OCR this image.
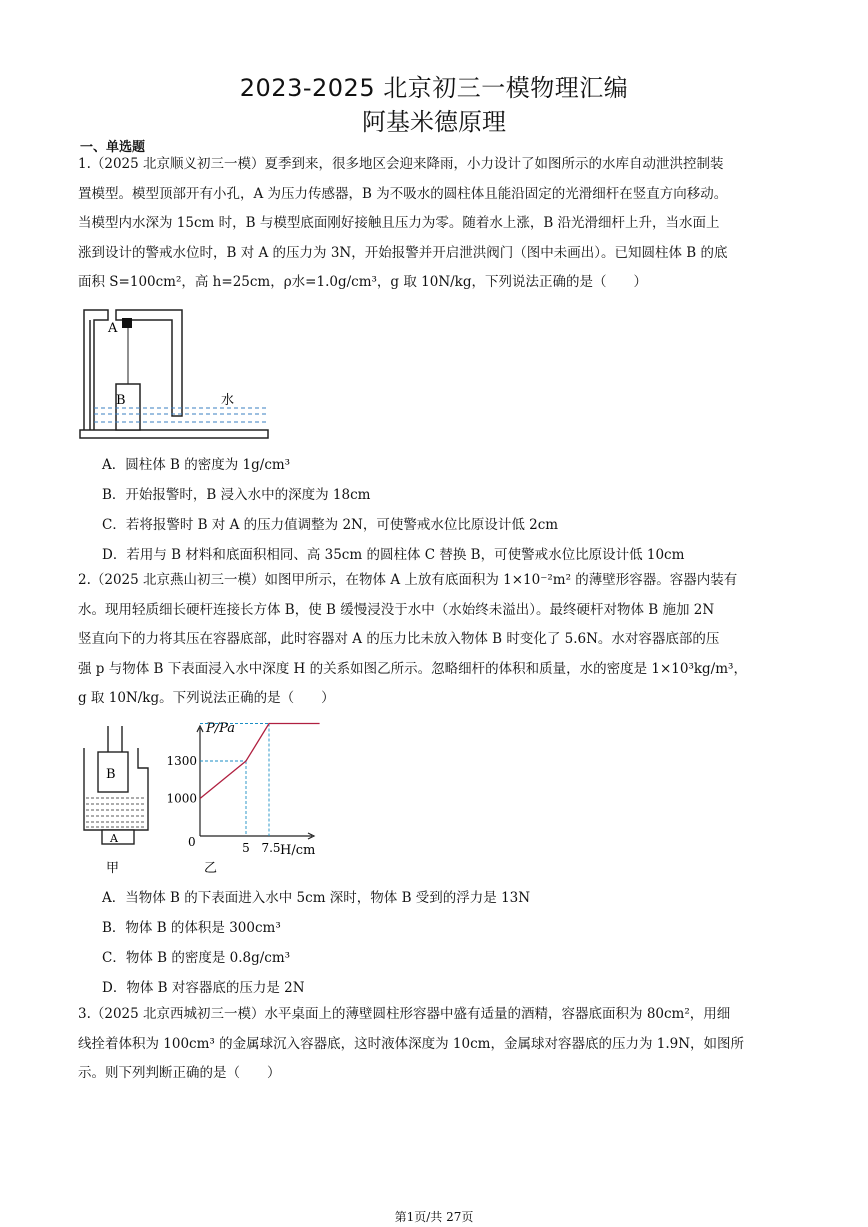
2023-2025 北京初三一模物理汇编
阿基米德原理
一、单选题
1.（2025 北京顺义初三一模）夏季到来，很多地区会迎来降雨，小力设计了如图所示的水库自动泄洪控制装
置模型。模型顶部开有小孔，A 为压力传感器，B 为不吸水的圆柱体且能沿固定的光滑细杆在竖直方向移动。
当模型内水深为 15cm 时，B 与模型底面刚好接触且压力为零。随着水上涨，B 沿光滑细杆上升，当水面上
涨到设计的警戒水位时，B 对 A 的压力为 3N，开始报警并开启泄洪阀门（图中未画出）。已知圆柱体 B 的底
面积 S=100cm²，高 h=25cm，ρ水=1.0g/cm³，g 取 10N/kg，下列说法正确的是（　　）
A
B	水
A．圆柱体 B 的密度为 1g/cm³
B．开始报警时，B 浸入水中的深度为 18cm
C．若将报警时 B 对 A 的压力值调整为 2N，可使警戒水位比原设计低 2cm
D．若用与 B 材料和底面积相同、高 35cm 的圆柱体 C 替换 B，可使警戒水位比原设计低 10cm
2.（2025 北京燕山初三一模）如图甲所示，在物体 A 上放有底面积为 1×10⁻²m² 的薄壁形容器。容器内装有
水。现用轻质细长硬杆连接长方体 B，使 B 缓慢浸没于水中（水始终未溢出）。最终硬杆对物体 B 施加 2N
竖直向下的力将其压在容器底部，此时容器对 A 的压力比未放入物体 B 时变化了 5.6N。水对容器底部的压
强 p 与物体 B 下表面浸入水中深度 H 的关系如图乙所示。忽略细杆的体积和质量，水的密度是 1×10³kg/m³，
g 取 10N/kg。下列说法正确的是（　　）
B
A
甲
1300
1000
5 7.5
P/Pa
H/cm
0
乙
A．当物体 B 的下表面进入水中 5cm 深时，物体 B 受到的浮力是 13N
B．物体 B 的体积是 300cm³
C．物体 B 的密度是 0.8g/cm³
D．物体 B 对容器底的压力是 2N
3.（2025 北京西城初三一模）水平桌面上的薄壁圆柱形容器中盛有适量的酒精，容器底面积为 80cm²，用细
线拴着体积为 100cm³ 的金属球沉入容器底，这时液体深度为 10cm，金属球对容器底的压力为 1.9N，如图所
示。则下列判断正确的是（　　）
第1页/共 27页
